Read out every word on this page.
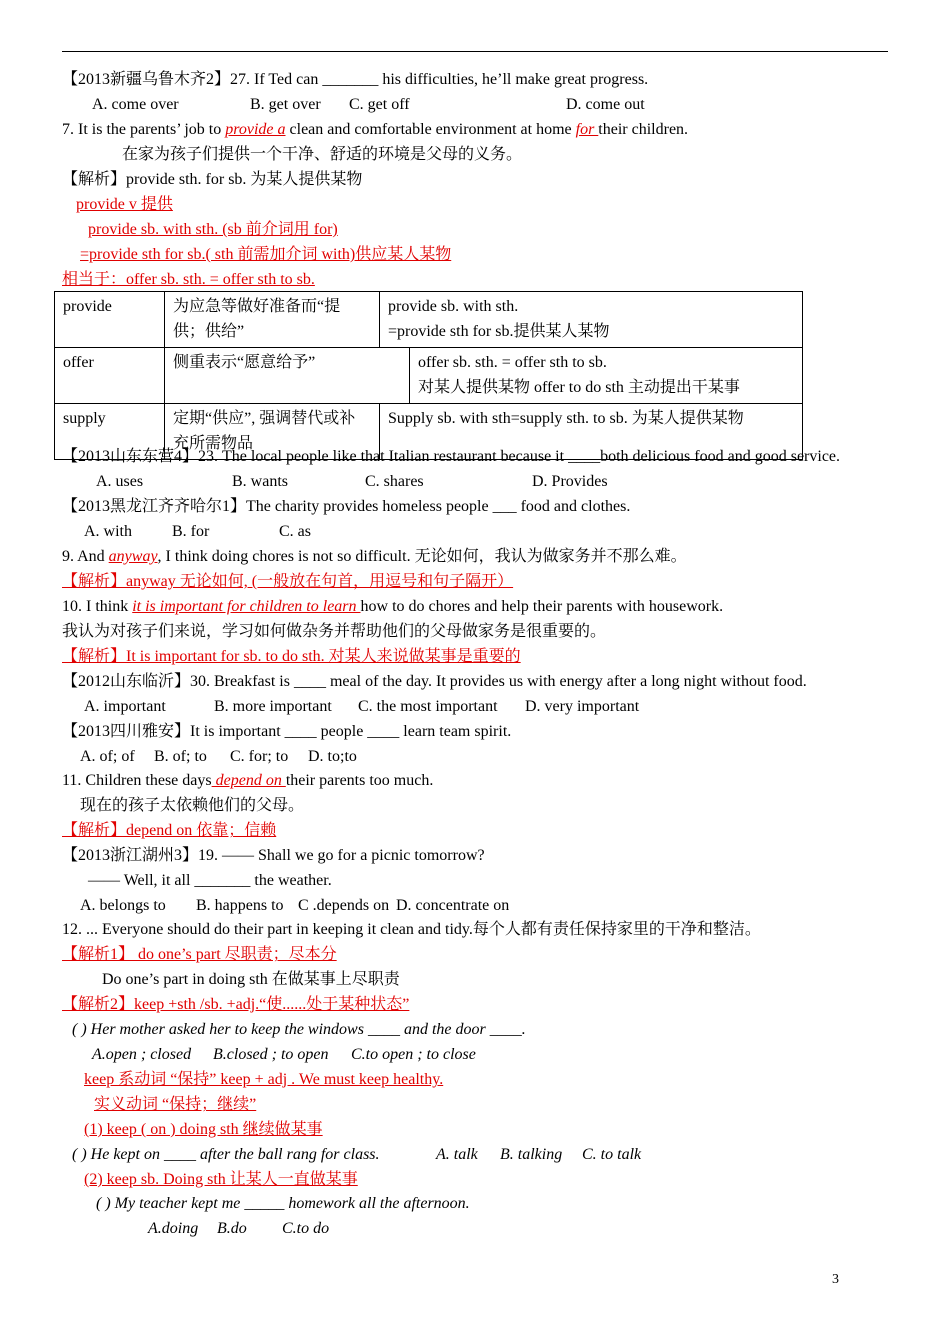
【2013新疆乌鲁木齐2】27. If Ted can _______ his difficulties, he’ll make great progress.
A. come over	B. get over C. get off	D. come out
7. It is the parents’ job to provide a clean and comfortable environment at home for their children.
在家为孩子们提供一个干净、舒适的环境是父母的义务。
【解析】provide sth. for sb. 为某人提供某物
provide v 提供
provide sb. with sth. (sb 前介词用 for)
=provide sth for sb.( sth 前需加介词 with)供应某人某物
相当于：offer sb. sth. = offer sth to sb.
provide	为应急等做好准备而“提供；供给”	provide sb. with sth.
=provide sth for sb.提供某人某物	

offer	侧重表示“愿意给予”		offer sb. sth. = offer sth to sb.
对某人提供某物 offer to do sth 主动提出干某事

supply	定期“供应”, 强调替代或补充所需物品	Supply sb. with sth=supply sth. to sb. 为某人提供某物	
【2013山东东营4】23. The local people like that Italian restaurant because it ____both delicious food and good service.
A. uses	B. wants	C. shares	D. Provides
【2013黑龙江齐齐哈尔1】The charity provides homeless people ___ food and clothes.
A. with	B. for	C. as
9. And anyway, I think doing chores is not so difficult. 无论如何，我认为做家务并不那么难。
【解析】anyway 无论如何, (一般放在句首，用逗号和句子隔开）
10. I think it is important for children to learn how to do chores and help their parents with housework.
我认为对孩子们来说，学习如何做杂务并帮助他们的父母做家务是很重要的。
【解析】It is important for sb. to do sth. 对某人来说做某事是重要的
【2012山东临沂】30. Breakfast is ____ meal of the day. It provides us with energy after a long night without food.
A. important	B. more important C. the most important D. very important
【2013四川雅安】It is important ____ people ____ learn team spirit.
A. of; of B. of; to C. for; to D. to;to
11. Children these days depend on their parents too much.
现在的孩子太依赖他们的父母。
【解析】depend on 依靠；信赖
【2013浙江湖州3】19. —— Shall we go for a picnic tomorrow?
—— Well, it all _______ the weather.
A. belongs to B. happens to C .depends on D. concentrate on
12. ... Everyone should do their part in keeping it clean and tidy.每个人都有责任保持家里的干净和整洁。
【解析1】 do one’s part 尽职责；尽本分
Do one’s part in doing sth 在做某事上尽职责
【解析2】keep +sth /sb. +adj.“使......处于某种状态”
( ) Her mother asked her to keep the windows ____ and the door ____.
A.open ; closed B.closed ; to open C.to open ; to close
keep 系动词 “保持” keep + adj . We must keep healthy.
实义动词 “保持；继续”
(1) keep ( on ) doing sth 继续做某事
( ) He kept on ____ after the ball rang for class.	A. talk B. talking C. to talk
(2) keep sb. Doing sth 让某人一直做某事
( ) My teacher kept me _____ homework all the afternoon.
A.doing B.do C.to do
3
